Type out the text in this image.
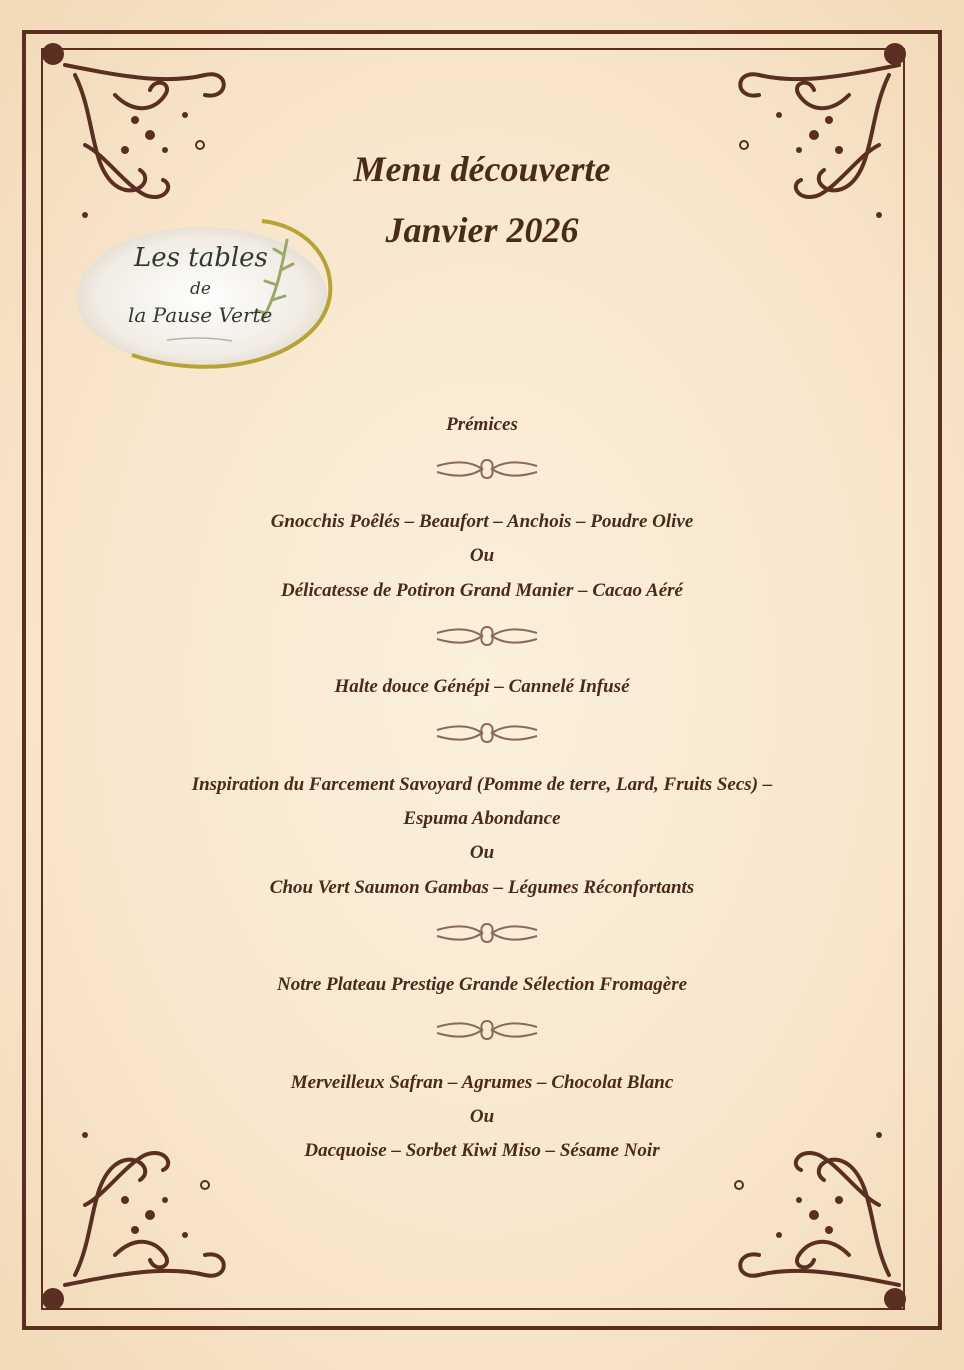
Menu découverte
Janvier 2026
Les tables
de
la Pause Verte
Prémices
Gnocchis Poêlés – Beaufort – Anchois – Poudre Olive
Ou
Délicatesse de Potiron Grand Manier – Cacao Aéré
Halte douce Génépi – Cannelé Infusé
Inspiration du Farcement Savoyard (Pomme de terre, Lard, Fruits Secs) –
Espuma Abondance
Ou
Chou Vert Saumon Gambas – Légumes Réconfortants
Notre Plateau Prestige Grande Sélection Fromagère
Merveilleux Safran – Agrumes – Chocolat Blanc
Ou
Dacquoise – Sorbet Kiwi Miso – Sésame Noir
